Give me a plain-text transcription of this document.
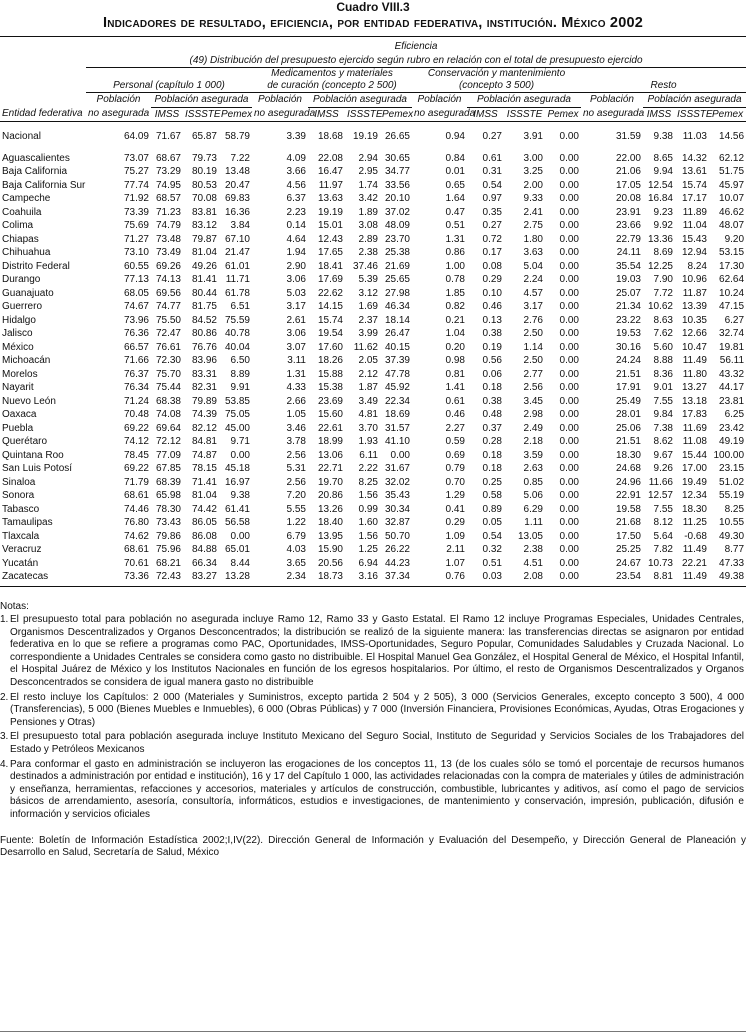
Cuadro VIII.3
Indicadores de resultado, eficiencia, por entidad federativa, institución. México 2002
	Eficiencia															
	(49) Distribución del presupuesto ejercido según rubro en relación con el total de presupuesto ejercido															
					Medicamentos y materiales				Conservación y mantenimiento							
	Personal (capítulo 1 000)				de curación (concepto 2 500)				(concepto 3 500)				Resto			
	Población	Población asegurada			Población	Población asegurada			Población	Población asegurada			Población	Población asegurada		
Entidad federativa	no asegurada	IMSS	ISSSTE	Pemex	no asegurada	IMSS	ISSSTE	Pemex	no asegurada	IMSS	ISSSTE	Pemex	no asegurada	IMSS	ISSSTE	Pemex

Nacional	64.09	71.67	65.87	58.79	3.39	18.68	19.19	26.65	0.94	0.27	3.91	0.00	31.59	9.38	11.03	14.56

Aguascalientes	73.07	68.67	79.73	7.22	4.09	22.08	2.94	30.65	0.84	0.61	3.00	0.00	22.00	8.65	14.32	62.12
Baja California	75.27	73.29	80.19	13.48	3.66	16.47	2.95	34.77	0.01	0.31	3.25	0.00	21.06	9.94	13.61	51.75
Baja California Sur	77.74	74.95	80.53	20.47	4.56	11.97	1.74	33.56	0.65	0.54	2.00	0.00	17.05	12.54	15.74	45.97
Campeche	71.92	68.57	70.08	69.83	6.37	13.63	3.42	20.10	1.64	0.97	9.33	0.00	20.08	16.84	17.17	10.07
Coahuila	73.39	71.23	83.81	16.36	2.23	19.19	1.89	37.02	0.47	0.35	2.41	0.00	23.91	9.23	11.89	46.62
Colima	75.69	74.79	83.12	3.84	0.14	15.01	3.08	48.09	0.51	0.27	2.75	0.00	23.66	9.92	11.04	48.07
Chiapas	71.27	73.48	79.87	67.10	4.64	12.43	2.89	23.70	1.31	0.72	1.80	0.00	22.79	13.36	15.43	9.20
Chihuahua	73.10	73.49	81.04	21.47	1.94	17.65	2.38	25.38	0.86	0.17	3.63	0.00	24.11	8.69	12.94	53.15
Distrito Federal	60.55	69.26	49.26	61.01	2.90	18.41	37.46	21.69	1.00	0.08	5.04	0.00	35.54	12.25	8.24	17.30
Durango	77.13	74.13	81.41	11.71	3.06	17.69	5.39	25.65	0.78	0.29	2.24	0.00	19.03	7.90	10.96	62.64
Guanajuato	68.05	69.56	80.44	61.78	5.03	22.62	3.12	27.98	1.85	0.10	4.57	0.00	25.07	7.72	11.87	10.24
Guerrero	74.67	74.77	81.75	6.51	3.17	14.15	1.69	46.34	0.82	0.46	3.17	0.00	21.34	10.62	13.39	47.15
Hidalgo	73.96	75.50	84.52	75.59	2.61	15.74	2.37	18.14	0.21	0.13	2.76	0.00	23.22	8.63	10.35	6.27
Jalisco	76.36	72.47	80.86	40.78	3.06	19.54	3.99	26.47	1.04	0.38	2.50	0.00	19.53	7.62	12.66	32.74
México	66.57	76.61	76.76	40.04	3.07	17.60	11.62	40.15	0.20	0.19	1.14	0.00	30.16	5.60	10.47	19.81
Michoacán	71.66	72.30	83.96	6.50	3.11	18.26	2.05	37.39	0.98	0.56	2.50	0.00	24.24	8.88	11.49	56.11
Morelos	76.37	75.70	83.31	8.89	1.31	15.88	2.12	47.78	0.81	0.06	2.77	0.00	21.51	8.36	11.80	43.32
Nayarit	76.34	75.44	82.31	9.91	4.33	15.38	1.87	45.92	1.41	0.18	2.56	0.00	17.91	9.01	13.27	44.17
Nuevo León	71.24	68.38	79.89	53.85	2.66	23.69	3.49	22.34	0.61	0.38	3.45	0.00	25.49	7.55	13.18	23.81
Oaxaca	70.48	74.08	74.39	75.05	1.05	15.60	4.81	18.69	0.46	0.48	2.98	0.00	28.01	9.84	17.83	6.25
Puebla	69.22	69.64	82.12	45.00	3.46	22.61	3.70	31.57	2.27	0.37	2.49	0.00	25.06	7.38	11.69	23.42
Querétaro	74.12	72.12	84.81	9.71	3.78	18.99	1.93	41.10	0.59	0.28	2.18	0.00	21.51	8.62	11.08	49.19
Quintana Roo	78.45	77.09	74.87	0.00	2.56	13.06	6.11	0.00	0.69	0.18	3.59	0.00	18.30	9.67	15.44	100.00
San Luis Potosí	69.22	67.85	78.15	45.18	5.31	22.71	2.22	31.67	0.79	0.18	2.63	0.00	24.68	9.26	17.00	23.15
Sinaloa	71.79	68.39	71.41	16.97	2.56	19.70	8.25	32.02	0.70	0.25	0.85	0.00	24.96	11.66	19.49	51.02
Sonora	68.61	65.98	81.04	9.38	7.20	20.86	1.56	35.43	1.29	0.58	5.06	0.00	22.91	12.57	12.34	55.19
Tabasco	74.46	78.30	74.42	61.41	5.55	13.26	0.99	30.34	0.41	0.89	6.29	0.00	19.58	7.55	18.30	8.25
Tamaulipas	76.80	73.43	86.05	56.58	1.22	18.40	1.60	32.87	0.29	0.05	1.11	0.00	21.68	8.12	11.25	10.55
Tlaxcala	74.62	79.86	86.08	0.00	6.79	13.95	1.56	50.70	1.09	0.54	13.05	0.00	17.50	5.64	-0.68	49.30
Veracruz	68.61	75.96	84.88	65.01	4.03	15.90	1.25	26.22	2.11	0.32	2.38	0.00	25.25	7.82	11.49	8.77
Yucatán	70.61	68.21	66.34	8.44	3.65	20.56	6.94	44.23	1.07	0.51	4.51	0.00	24.67	10.73	22.21	47.33
Zacatecas	73.36	72.43	83.27	13.28	2.34	18.73	3.16	37.34	0.76	0.03	2.08	0.00	23.54	8.81	11.49	49.38

Notas:
1. El presupuesto total para población no asegurada incluye Ramo 12, Ramo 33 y Gasto Estatal. El Ramo 12 incluye Programas Especiales, Unidades Centrales, Organismos Descentralizados y Organos Desconcentrados; la distribución se realizó de la siguiente manera: las transferencias directas se asignaron por entidad federativa en lo que se refiere a programas como PAC, Oportunidades, IMSS-Oportunidades, Seguro Popular, Comunidades Saludables y Cruzada Nacional. Lo correspondiente a Unidades Centrales se considera como gasto no distribuible. El Hospital Manuel Gea González, el Hospital General de México, el Hospital Infantil, el Hospital Juárez de México y los Institutos Nacionales en función de los egresos hospitalarios. Por último, el resto de Organismos Descentralizados y Organos Desconcentrados se considera de igual manera gasto no distribuible
2. El resto incluye los Capítulos: 2 000 (Materiales y Suministros, excepto partida 2 504 y 2 505), 3 000 (Servicios Generales, excepto concepto 3 500), 4 000 (Transferencias), 5 000 (Bienes Muebles e Inmuebles), 6 000 (Obras Públicas) y 7 000 (Inversión Financiera, Provisiones Económicas, Ayudas, Otras Erogaciones y Pensiones y Otras)
3. El presupuesto total para población asegurada incluye Instituto Mexicano del Seguro Social, Instituto de Seguridad y Servicios Sociales de los Trabajadores del Estado y Petróleos Mexicanos
4. Para conformar el gasto en administración se incluyeron las erogaciones de los conceptos 11, 13 (de los cuales sólo se tomó el porcentaje de recursos humanos destinados a administración por entidad e institución), 16 y 17 del Capítulo 1 000, las actividades relacionadas con la compra de materiales y útiles de administración y enseñanza, herramientas, refacciones y accesorios, materiales y artículos de construcción, combustible, lubricantes y aditivos, así como el pago de servicios básicos de arrendamiento, asesoría, consultoría, informáticos, estudios e investigaciones, de mantenimiento y conservación, impresión, publicación, difusión e información y servicios oficiales
Fuente: Boletín de Información Estadística 2002;I,IV(22). Dirección General de Información y Evaluación del Desempeño, y Dirección General de Planeación y Desarrollo en Salud, Secretaría de Salud, México
